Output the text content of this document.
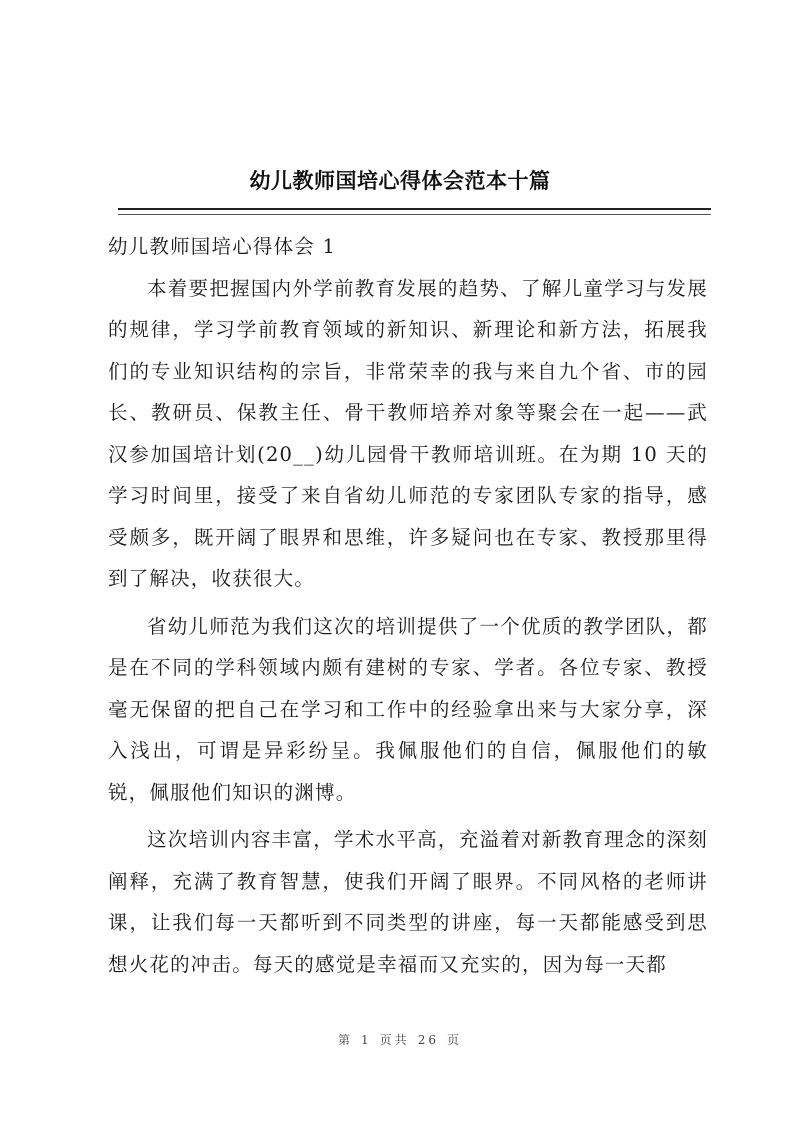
幼儿教师国培心得体会范本十篇

幼儿教师国培心得体会 1

本着要把握国内外学前教育发展的趋势、了解儿童学习与发展的规律，学习学前教育领域的新知识、新理论和新方法，拓展我们的专业知识结构的宗旨，非常荣幸的我与来自九个省、市的园长、教研员、保教主任、骨干教师培养对象等聚会在一起——武汉参加国培计划(20__)幼儿园骨干教师培训班。在为期 10 天的学习时间里，接受了来自省幼儿师范的专家团队专家的指导，感受颇多，既开阔了眼界和思维，许多疑问也在专家、教授那里得到了解决，收获很大。

省幼儿师范为我们这次的培训提供了一个优质的教学团队，都是在不同的学科领域内颇有建树的专家、学者。各位专家、教授毫无保留的把自己在学习和工作中的经验拿出来与大家分享，深入浅出，可谓是异彩纷呈。我佩服他们的自信，佩服他们的敏锐，佩服他们知识的渊博。

这次培训内容丰富，学术水平高，充溢着对新教育理念的深刻阐释，充满了教育智慧，使我们开阔了眼界。不同风格的老师讲课，让我们每一天都听到不同类型的讲座，每一天都能感受到思想火花的冲击。每天的感觉是幸福而又充实的，因为每一天都

第 1 页共 26 页
